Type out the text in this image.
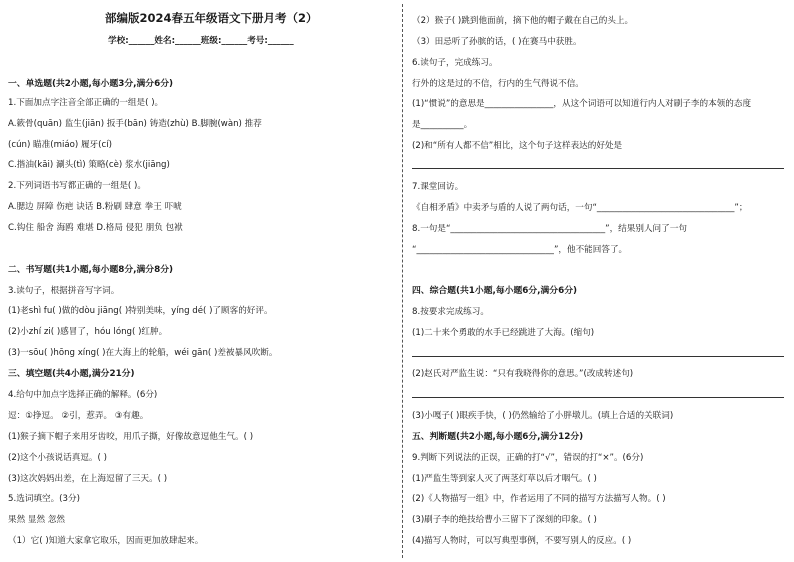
部编版2024春五年级语文下册月考（2）
学校:______姓名:______班级:______考号:______
一、单选题(共2小题,每小题3分,满分6分)
1.下面加点字注音全部正确的一组是( )。
A.簌骨(quān) 监生(jiān) 扳手(bān) 铸造(zhù) B.脚腕(wàn) 推荐
(cún) 瞄准(miáo) 履牙(cí)
C.揩油(kāi) 涮头(tì) 策略(cè) 浆水(jiāng)
2.下列词语书写都正确的一组是( )。
A.腮边 屏障 伤疤 诀话 B.粉刷 肆意 拳王 吓唬
C.钩住 船舍 海鸥 难堪 D.格局 侵犯 朋负 包袱
二、书写题(共1小题,每小题8分,满分8分)
3.读句子，根据拼音写字词。
(1)老shì fu( )做的dòu jiāng( )特别美味，yíng dé( )了顾客的好评。
(2)小zhí zi( )感冒了，hóu lóng( )红肿。
(3)一sōu( )hōng xíng( )在大海上的轮船，wéi gān( )差被暴风吹断。
三、填空题(共4小题,满分21分)
4.给句中加点字选择正确的解释。(6分)
逗：①挣逗。 ②引，惹弄。 ③有趣。
(1)猴子摘下帽子来用牙齿咬，用爪子撕，好像故意逗他生气。( )
(2)这个小孩说话真逗。( )
(3)这次妈妈出差，在上海逗留了三天。( )
5.选词填空。(3分)
果然 显然 忽然
（1）它( )知道大家拿它取乐，因而更加放肆起来。
（2）猴子( )跳到他面前，摘下他的帽子戴在自己的头上。
（3）田忌听了孙膑的话，( )在赛马中获胜。
6.读句子，完成练习。
行外的这是过的不信，行内的生气得说不信。
(1)“惯说”的意思是________________，从这个词语可以知道行内人对刷子李的本领的态度
是__________。
(2)和“所有人都不信”相比，这个句子这样表达的好处是
7.课堂回访。
《自相矛盾》中卖矛与盾的人说了两句话，一句“________________________________”；
8.一句是“____________________________________”，结果别人问了一句
“________________________________”，他不能回答了。
四、综合题(共1小题,每小题6分,满分6分)
8.按要求完成练习。
(1)二十来个勇敢的水手已经跳进了大海。(缩句)
(2)赵氏对严监生说：“只有我晓得你的意思。”(改成转述句)
(3)小嘎子( )眼疾手快，( )仍然输给了小胖墩儿。(填上合适的关联词)
五、判断题(共2小题,每小题6分,满分12分)
9.判断下列说法的正误，正确的打“√”，错误的打“×”。(6分)
(1)严监生等到家人灭了两茎灯草以后才咽气。( )
(2)《人物描写一组》中，作者运用了不同的描写方法描写人物。( )
(3)刷子李的绝技给曹小三留下了深刻的印象。( )
(4)描写人物时，可以写典型事例，不要写别人的反应。( )
